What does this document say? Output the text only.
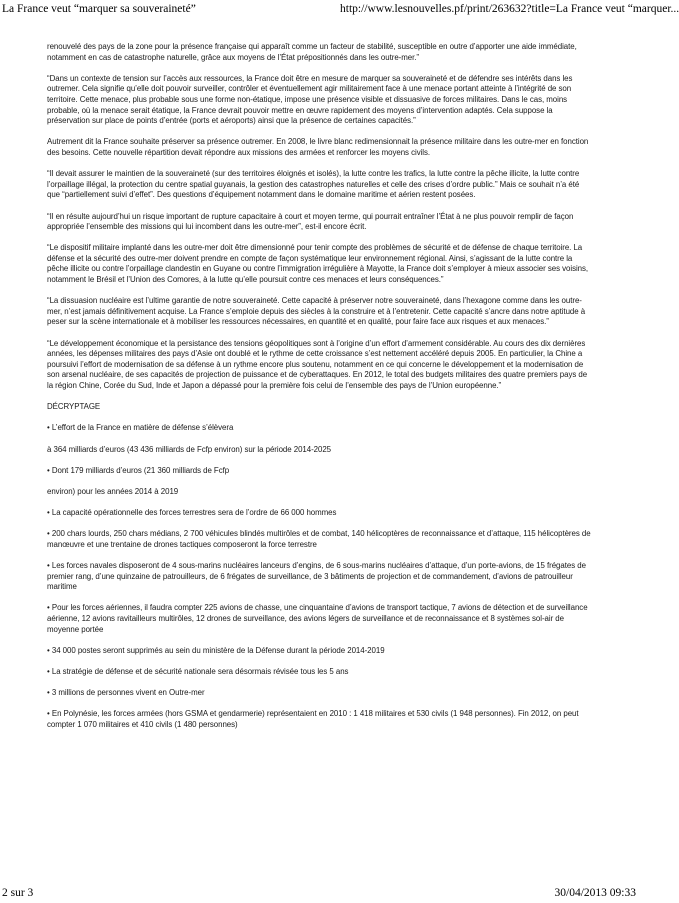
La France veut “marquer sa souveraineté”	http://www.lesnouvelles.pf/print/263632?title=La France veut “marquer...

renouvelé des pays de la zone pour la présence française qui apparaît comme un facteur de stabilité, susceptible en outre d’apporter une aide immédiate, notamment en cas de catastrophe naturelle, grâce aux moyens de l’État prépositionnés dans les outre-mer.”

“Dans un contexte de tension sur l’accès aux ressources, la France doit être en mesure de marquer sa souveraineté et de défendre ses intérêts dans les outremer. Cela signifie qu’elle doit pouvoir surveiller, contrôler et éventuellement agir militairement face à une menace portant atteinte à l’intégrité de son territoire. Cette menace, plus probable sous une forme non-étatique, impose une présence visible et dissuasive de forces militaires. Dans le cas, moins probable, où la menace serait étatique, la France devrait pouvoir mettre en œuvre rapidement des moyens d’intervention adaptés. Cela suppose la préservation sur place de points d’entrée (ports et aéroports) ainsi que la présence de certaines capacités.”

Autrement dit la France souhaite préserver sa présence outremer. En 2008, le livre blanc redimensionnait la présence militaire dans les outre-mer en fonction des besoins. Cette nouvelle répartition devait répondre aux missions des armées et renforcer les moyens civils.

“Il devait assurer le maintien de la souveraineté (sur des territoires éloignés et isolés), la lutte contre les trafics, la lutte contre la pêche illicite, la lutte contre l’orpaillage illégal, la protection du centre spatial guyanais, la gestion des catastrophes naturelles et celle des crises d’ordre public.” Mais ce souhait n’a été que “partiellement suivi d’effet”. Des questions d’équipement notamment dans le domaine maritime et aérien restent posées.

“Il en résulte aujourd’hui un risque important de rupture capacitaire à court et moyen terme, qui pourrait entraîner l’État à ne plus pouvoir remplir de façon appropriée l’ensemble des missions qui lui incombent dans les outre-mer”, est-il encore écrit.

“Le dispositif militaire implanté dans les outre-mer doit être dimensionné pour tenir compte des problèmes de sécurité et de défense de chaque territoire. La défense et la sécurité des outre-mer doivent prendre en compte de façon systématique leur environnement régional. Ainsi, s’agissant de la lutte contre la pêche illicite ou contre l’orpaillage clandestin en Guyane ou contre l’immigration irrégulière à Mayotte, la France doit s’employer à mieux associer ses voisins, notamment le Brésil et l’Union des Comores, à la lutte qu’elle poursuit contre ces menaces et leurs conséquences.”

“La dissuasion nucléaire est l’ultime garantie de notre souveraineté. Cette capacité à préserver notre souveraineté, dans l’hexagone comme dans les outre-mer, n’est jamais définitivement acquise. La France s’emploie depuis des siècles à la construire et à l’entretenir. Cette capacité s’ancre dans notre aptitude à peser sur la scène internationale et à mobiliser les ressources nécessaires, en quantité et en qualité, pour faire face aux risques et aux menaces.”

“Le développement économique et la persistance des tensions géopolitiques sont à l’origine d’un effort d’armement considérable. Au cours des dix dernières années, les dépenses militaires des pays d’Asie ont doublé et le rythme de cette croissance s’est nettement accéléré depuis 2005. En particulier, la Chine a poursuivi l’effort de modernisation de sa défense à un rythme encore plus soutenu, notamment en ce qui concerne le développement et la modernisation de son arsenal nucléaire, de ses capacités de projection de puissance et de cyberattaques. En 2012, le total des budgets militaires des quatre premiers pays de la région Chine, Corée du Sud, Inde et Japon a dépassé pour la première fois celui de l’ensemble des pays de l’Union européenne.”

DÉCRYPTAGE

• L’effort de la France en matière de défense s’élèvera

à 364 milliards d’euros (43 436 milliards de Fcfp environ) sur la période 2014-2025

• Dont 179 milliards d’euros (21 360 milliards de Fcfp

environ) pour les années 2014 à 2019

• La capacité opérationnelle des forces terrestres sera de l’ordre de 66 000 hommes

• 200 chars lourds, 250 chars médians, 2 700 véhicules blindés multirôles et de combat, 140 hélicoptères de reconnaissance et d’attaque, 115 hélicoptères de manœuvre et une trentaine de drones tactiques composeront la force terrestre

• Les forces navales disposeront de 4 sous-marins nucléaires lanceurs d’engins, de 6 sous-marins nucléaires d’attaque, d’un porte-avions, de 15 frégates de premier rang, d’une quinzaine de patrouilleurs, de 6 frégates de surveillance, de 3 bâtiments de projection et de commandement, d’avions de patrouilleur maritime

• Pour les forces aériennes, il faudra compter 225 avions de chasse, une cinquantaine d’avions de transport tactique, 7 avions de détection et de surveillance aérienne, 12 avions ravitailleurs multirôles, 12 drones de surveillance, des avions légers de surveillance et de reconnaissance et 8 systèmes sol-air de moyenne portée

• 34 000 postes seront supprimés au sein du ministère de la Défense durant la période 2014-2019

• La stratégie de défense et de sécurité nationale sera désormais révisée tous les 5 ans

• 3 millions de personnes vivent en Outre-mer

• En Polynésie, les forces armées (hors GSMA et gendarmerie) représentaient en 2010 : 1 418 militaires et 530 civils (1 948 personnes). Fin 2012, on peut compter 1 070 militaires et 410 civils (1 480 personnes)

2 sur 3	30/04/2013 09:33
